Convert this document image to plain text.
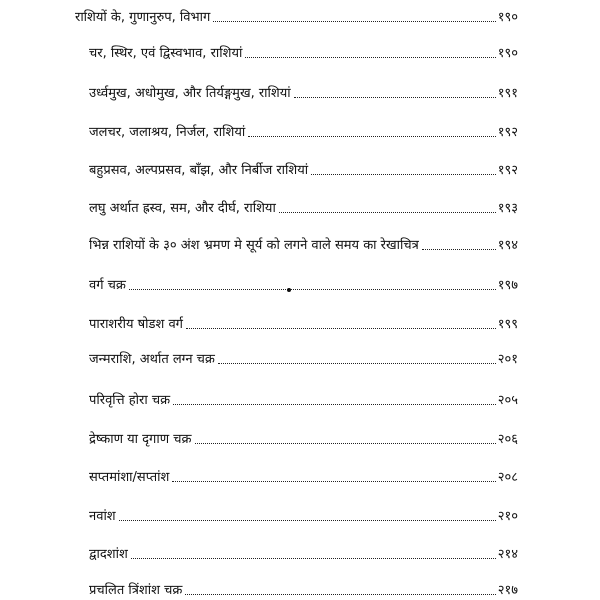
राशियों के, गुणानुरुप, विभाग	१९०
चर, स्थिर, एवं द्विस्वभाव, राशियां	१९०
उर्ध्वमुख, अधोमुख, और तिर्यङ्गमुख, राशियां	१९१
जलचर, जलाश्रय, निर्जल, राशियां	१९२
बहुप्रसव, अल्पप्रसव, बाँझ, और निर्बीज राशियां	१९२
लघु अर्थात ह्रस्व, सम, और दीर्घ, राशिया	१९३
भिन्न राशियों के ३० अंश भ्रमण मे सूर्य को लगने वाले समय का रेखाचित्र	१९४
वर्ग चक्र	१९७
पाराशरीय षोडश वर्ग	१९९
जन्मराशि, अर्थात लग्न चक्र	२०१
परिवृत्ति होरा चक्र	२०५
द्रेष्काण या दृगाण चक्र	२०६
सप्तमांशा/सप्तांश	२०८
नवांश	२१०
द्वादशांश	२१४
प्रचलित त्रिंशांश चक्र	२१७
